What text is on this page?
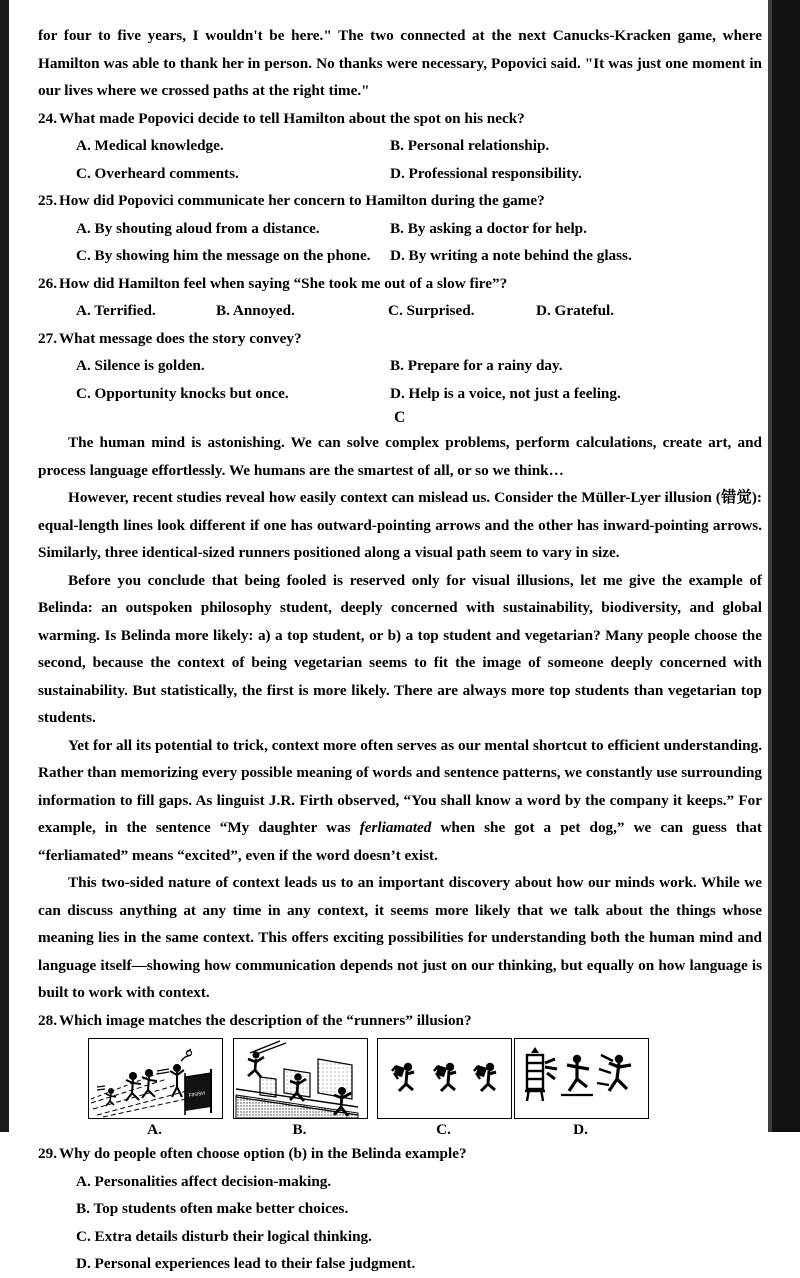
for four to five years, I wouldn't be here." The two connected at the next Canucks-Kracken game, where Hamilton was able to thank her in person. No thanks were necessary, Popovici said. "It was just one moment in our lives where we crossed paths at the right time."

24. What made Popovici decide to tell Hamilton about the spot on his neck?
A. Medical knowledge.	B. Personal relationship.
C. Overheard comments.	D. Professional responsibility.
25. How did Popovici communicate her concern to Hamilton during the game?
A. By shouting aloud from a distance.	B. By asking a doctor for help.
C. By showing him the message on the phone. D. By writing a note behind the glass.
26. How did Hamilton feel when saying “She took me out of a slow fire”?
A. Terrified.	B. Annoyed.	C. Surprised.	D. Grateful.
27. What message does the story convey?
A. Silence is golden.	B. Prepare for a rainy day.
C. Opportunity knocks but once.	D. Help is a voice, not just a feeling.
C

The human mind is astonishing. We can solve complex problems, perform calculations, create art, and process language effortlessly. We humans are the smartest of all, or so we think…

However, recent studies reveal how easily context can mislead us. Consider the Müller-Lyer illusion (错觉): equal-length lines look different if one has outward-pointing arrows and the other has inward-pointing arrows. Similarly, three identical-sized runners positioned along a visual path seem to vary in size.

Before you conclude that being fooled is reserved only for visual illusions, let me give the example of Belinda: an outspoken philosophy student, deeply concerned with sustainability, biodiversity, and global warming. Is Belinda more likely: a) a top student, or b) a top student and vegetarian? Many people choose the second, because the context of being vegetarian seems to fit the image of someone deeply concerned with sustainability. But statistically, the first is more likely. There are always more top students than vegetarian top students.

Yet for all its potential to trick, context more often serves as our mental shortcut to efficient understanding. Rather than memorizing every possible meaning of words and sentence patterns, we constantly use surrounding information to fill gaps. As linguist J.R. Firth observed, “You shall know a word by the company it keeps.” For example, in the sentence “My daughter was ferliamated when she got a pet dog,” we can guess that “ferliamated” means “excited”, even if the word doesn’t exist.

This two-sided nature of context leads us to an important discovery about how our minds work. While we can discuss anything at any time in any context, it seems more likely that we talk about the things whose meaning lies in the same context. This offers exciting possibilities for understanding both the human mind and language itself—showing how communication depends not just on our thinking, but equally on how language is built to work with context.

28. Which image matches the description of the “runners” illusion?
FINISH
A.	B.	C.	D.
29. Why do people often choose option (b) in the Belinda example?
A. Personalities affect decision-making.
B. Top students often make better choices.
C. Extra details disturb their logical thinking.
D. Personal experiences lead to their false judgment.
